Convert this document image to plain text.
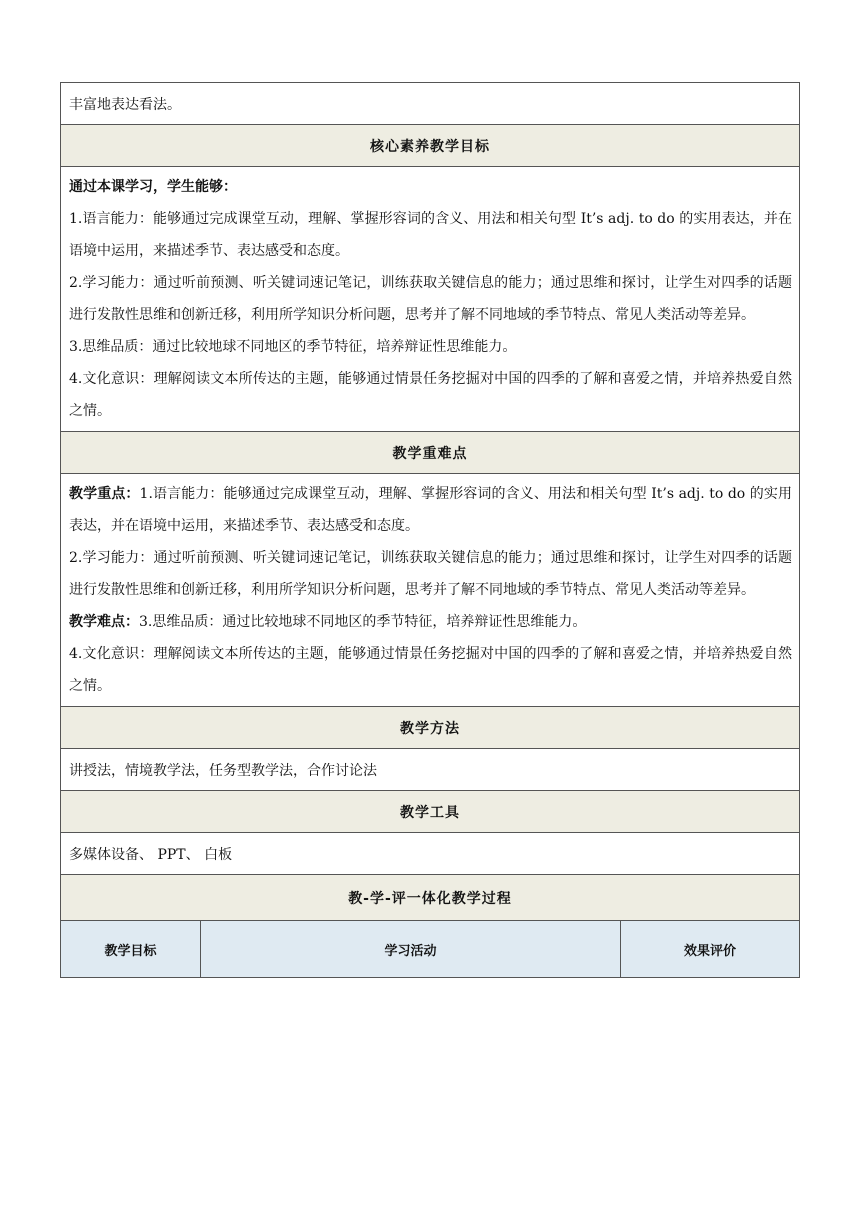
丰富地表达看法。
核心素养教学目标

通过本课学习，学生能够：

1.语言能力：能够通过完成课堂互动，理解、掌握形容词的含义、用法和相关句型 It’s adj. to do 的实用表达，并在语境中运用，来描述季节、表达感受和态度。

2.学习能力：通过听前预测、听关键词速记笔记，训练获取关键信息的能力；通过思维和探讨，让学生对四季的话题进行发散性思维和创新迁移，利用所学知识分析问题，思考并了解不同地域的季节特点、常见人类活动等差异。

3.思维品质：通过比较地球不同地区的季节特征，培养辩证性思维能力。

4.文化意识：理解阅读文本所传达的主题，能够通过情景任务挖掘对中国的四季的了解和喜爱之情，并培养热爱自然之情。

教学重难点

教学重点：1.语言能力：能够通过完成课堂互动，理解、掌握形容词的含义、用法和相关句型 It’s adj. to do 的实用表达，并在语境中运用，来描述季节、表达感受和态度。

2.学习能力：通过听前预测、听关键词速记笔记，训练获取关键信息的能力；通过思维和探讨，让学生对四季的话题进行发散性思维和创新迁移，利用所学知识分析问题，思考并了解不同地域的季节特点、常见人类活动等差异。

教学难点：3.思维品质：通过比较地球不同地区的季节特征，培养辩证性思维能力。

4.文化意识：理解阅读文本所传达的主题，能够通过情景任务挖掘对中国的四季的了解和喜爱之情，并培养热爱自然之情。

教学方法
讲授法，情境教学法，任务型教学法，合作讨论法
教学工具
多媒体设备、 PPT、 白板
教-学-评一体化教学过程
教学目标	学习活动	效果评价
